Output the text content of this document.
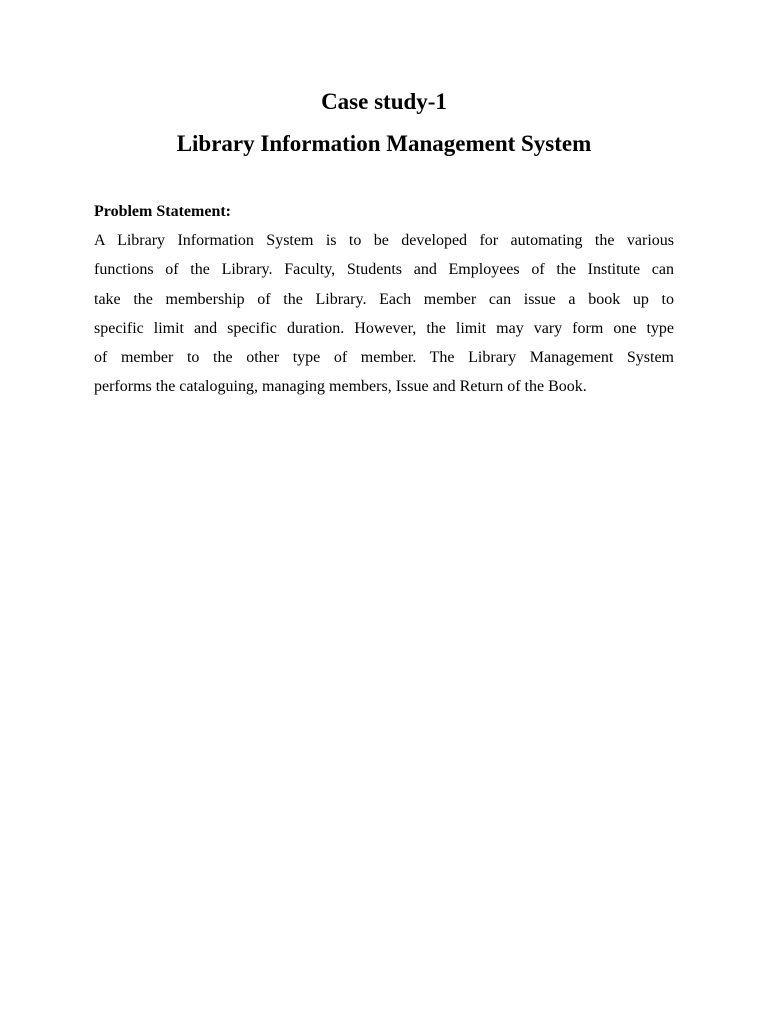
Case study-1
Library Information Management System
Problem Statement:

A Library Information System is to be developed for automating the various

functions of the Library. Faculty, Students and Employees of the Institute can

take the membership of the Library. Each member can issue a book up to

specific limit and specific duration. However, the limit may vary form one type

of member to the other type of member. The Library Management System

performs the cataloguing, managing members, Issue and Return of the Book.
